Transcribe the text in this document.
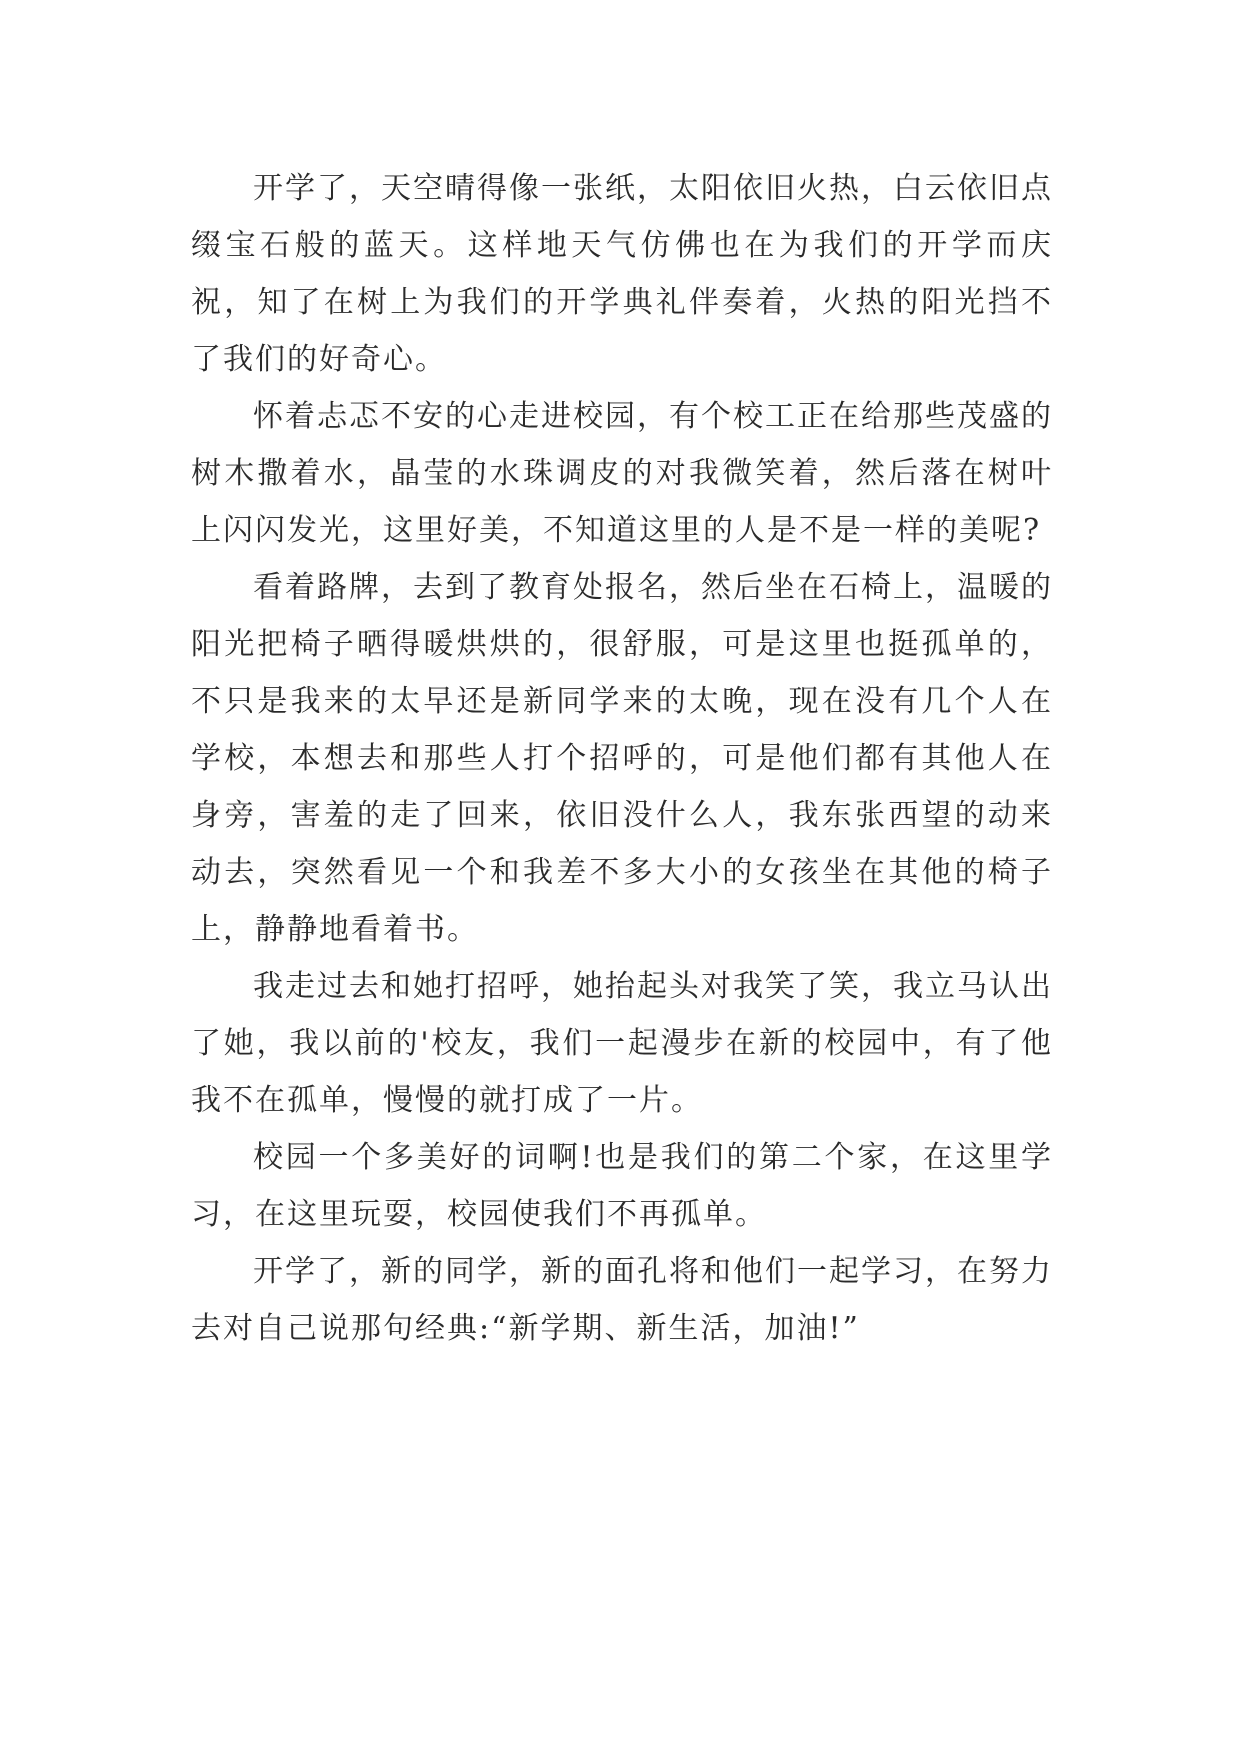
开学了，天空晴得像一张纸，太阳依旧火热，白云依旧点缀宝石般的蓝天。这样地天气仿佛也在为我们的开学而庆祝，知了在树上为我们的开学典礼伴奏着，火热的阳光挡不了我们的好奇心。

怀着忐忑不安的心走进校园，有个校工正在给那些茂盛的树木撒着水，晶莹的水珠调皮的对我微笑着，然后落在树叶上闪闪发光，这里好美，不知道这里的人是不是一样的美呢?

看着路牌，去到了教育处报名，然后坐在石椅上，温暖的阳光把椅子晒得暖烘烘的，很舒服，可是这里也挺孤单的，不只是我来的太早还是新同学来的太晚，现在没有几个人在学校，本想去和那些人打个招呼的，可是他们都有其他人在身旁，害羞的走了回来，依旧没什么人，我东张西望的动来动去，突然看见一个和我差不多大小的女孩坐在其他的椅子上，静静地看着书。

我走过去和她打招呼，她抬起头对我笑了笑，我立马认出了她，我以前的'校友，我们一起漫步在新的校园中，有了他我不在孤单，慢慢的就打成了一片。

校园一个多美好的词啊!也是我们的第二个家，在这里学习，在这里玩耍，校园使我们不再孤单。

开学了，新的同学，新的面孔将和他们一起学习，在努力去对自己说那句经典:“新学期、新生活，加油!”
